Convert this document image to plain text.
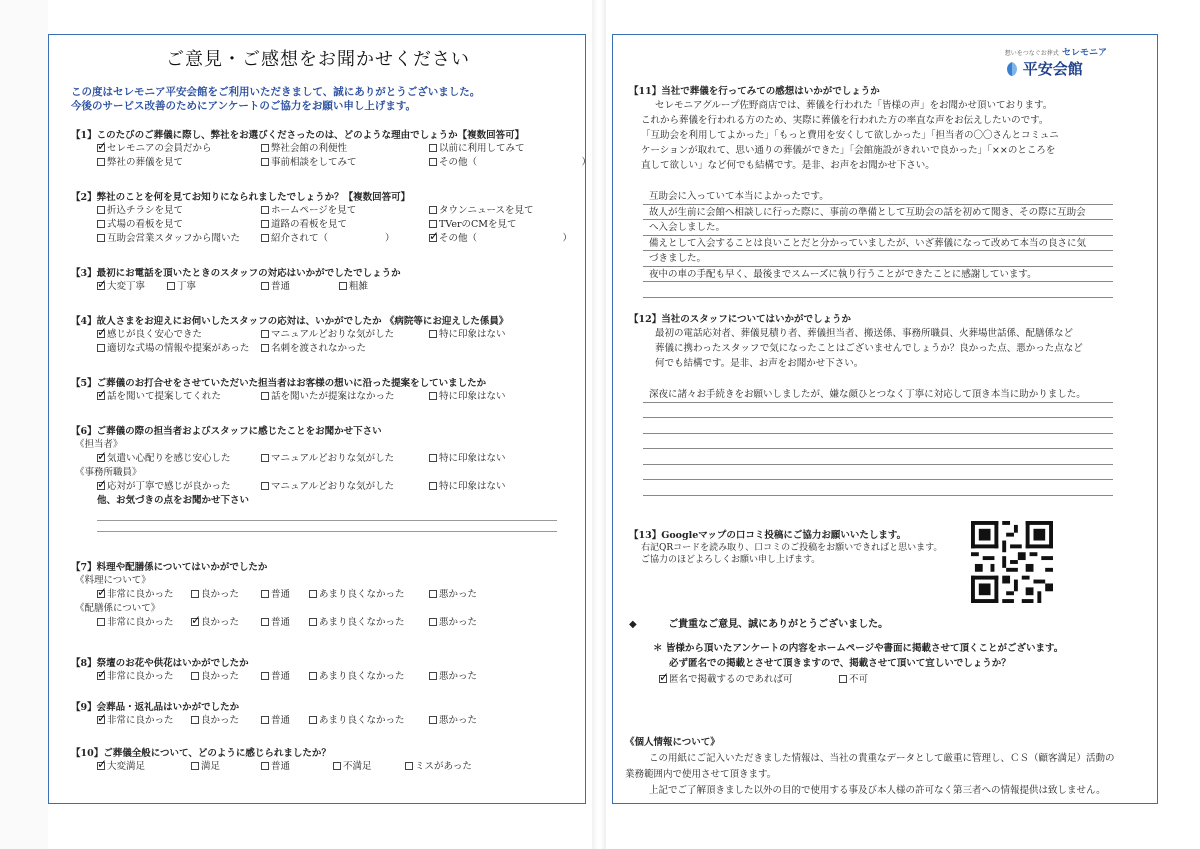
ご意見・ご感想をお聞かせください
この度はセレモニア平安会館をご利用いただきまして、誠にありがとうございました。
今後のサービス改善のためにアンケートのご協力をお願い申し上げます。
【1】このたびのご葬儀に際し、弊社をお選びくださったのは、どのような理由でしょうか【複数回答可】
✓セレモニアの会員だから	弊社会館の利便性	以前に利用してみて
弊社の葬儀を見て	事前相談をしてみて	その他（　　　　　　　　　　　）
【2】弊社のことを何を見てお知りになられましたでしょうか？【複数回答可】
折込チラシを見て	ホームページを見て	タウンニュースを見て
式場の看板を見て	道路の看板を見て	TVerのCMを見て
互助会営業スタッフから聞いた	紹介されて（　　　　　　） ✓	その他（　　　　　　　　　）
【3】最初にお電話を頂いたときのスタッフの対応はいかがでしたでしょうか
✓大変丁寧	丁寧	普通	粗雑
【4】故人さまをお迎えにお伺いしたスタッフの応対は、いかがでしたか 《病院等にお迎えした係員》
✓感じが良く安心できた	マニュアルどおりな気がした	特に印象はない
適切な式場の情報や提案があった	名刺を渡されなかった
【5】ご葬儀のお打合せをさせていただいた担当者はお客様の想いに沿った提案をしていましたか
✓話を聞いて提案してくれた	話を聞いたが提案はなかった	特に印象はない
【6】ご葬儀の際の担当者およびスタッフに感じたことをお聞かせ下さい
《担当者》
✓気遣い心配りを感じ安心した	マニュアルどおりな気がした	特に印象はない
《事務所職員》
✓応対が丁寧で感じが良かった	マニュアルどおりな気がした	特に印象はない
他、お気づきの点をお聞かせ下さい
【7】料理や配膳係についてはいかがでしたか
《料理について》
✓非常に良かった	良かった	普通	あまり良くなかった	悪かった
《配膳係について》
非常に良かった ✓	良かった	普通	あまり良くなかった	悪かった
【8】祭壇のお花や供花はいかがでしたか
✓非常に良かった	良かった	普通	あまり良くなかった	悪かった
【9】会葬品・返礼品はいかがでしたか
✓非常に良かった	良かった	普通	あまり良くなかった	悪かった
【10】ご葬儀全般について、どのように感じられましたか？
✓大変満足	満足	普通	不満足	ミスがあった
想いをつなぐお葬式 セレモニア
平安会館
【11】当社で葬儀を行ってみての感想はいかがでしょうか
セレモニアグループ佐野商店では、葬儀を行われた「皆様の声」をお聞かせ頂いております。
これから葬儀を行われる方のため、実際に葬儀を行われた方の率直な声をお伝えしたいのです。
「互助会を利用してよかった」「もっと費用を安くして欲しかった」「担当者の〇〇さんとコミュニ
ケーションが取れて、思い通りの葬儀ができた」「会館施設がきれいで良かった」「××のところを
直して欲しい」など何でも結構です。是非、お声をお聞かせ下さい。
互助会に入っていて本当によかったです。
故人が生前に会館へ相談しに行った際に、事前の準備として互助会の話を初めて聞き、その際に互助会
へ入会しました。
備えとして入会することは良いことだと分かっていましたが、いざ葬儀になって改めて本当の良さに気
づきました。
夜中の車の手配も早く、最後までスムーズに執り行うことができたことに感謝しています。
【12】当社のスタッフについてはいかがでしょうか
最初の電話応対者、葬儀見積り者、葬儀担当者、搬送係、事務所職員、火葬場世話係、配膳係など
葬儀に携わったスタッフで気になったことはございませんでしょうか？良かった点、悪かった点など
何でも結構です。是非、お声をお聞かせ下さい。
深夜に諸々お手続きをお願いしましたが、嫌な顔ひとつなく丁寧に対応して頂き本当に助かりました。
【13】Googleマップの口コミ投稿にご協力お願いいたします。
右記QRコードを読み取り、口コミのご投稿をお願いできればと思います。
ご協力のほどよろしくお願い申し上げます。
◆	ご貴重なご意見、誠にありがとうございました。
＊ 皆様から頂いたアンケートの内容をホームページや書面に掲載させて頂くことがございます。
必ず匿名での掲載とさせて頂きますので、掲載させて頂いて宜しいでしょうか？
✓匿名で掲載するのであれば可	不可
《個人情報について》
この用紙にご記入いただきました情報は、当社の貴重なデータとして厳重に管理し、ＣＳ（顧客満足）活動の
業務範囲内で使用させて頂きます。
上記でご了解頂きました以外の目的で使用する事及び本人様の許可なく第三者への情報提供は致しません。
